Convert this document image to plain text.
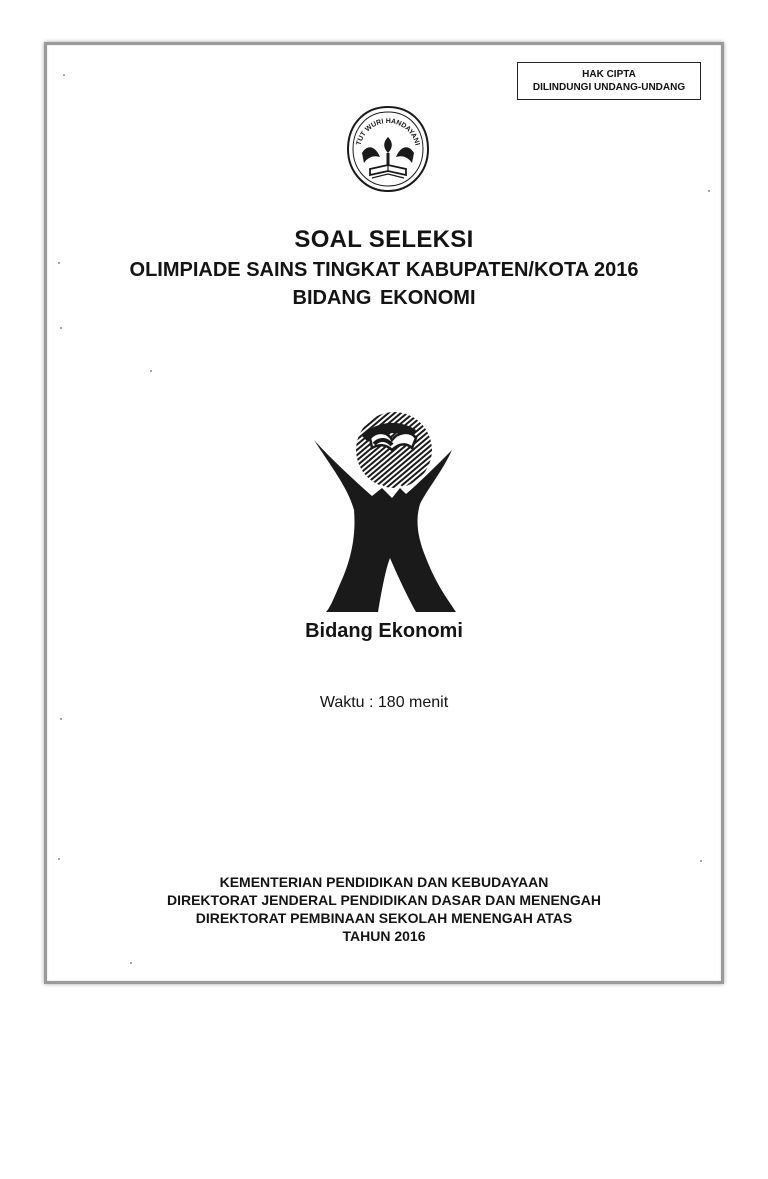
HAK CIPTA
DILINDUNGI UNDANG-UNDANG
TUT WURI HANDAYANI
SOAL SELEKSI
OLIMPIADE SAINS TINGKAT KABUPATEN/KOTA 2016
BIDANG EKONOMI
Bidang Ekonomi
Waktu : 180 menit
KEMENTERIAN PENDIDIKAN DAN KEBUDAYAAN
DIREKTORAT JENDERAL PENDIDIKAN DASAR DAN MENENGAH
DIREKTORAT PEMBINAAN SEKOLAH MENENGAH ATAS
TAHUN 2016
